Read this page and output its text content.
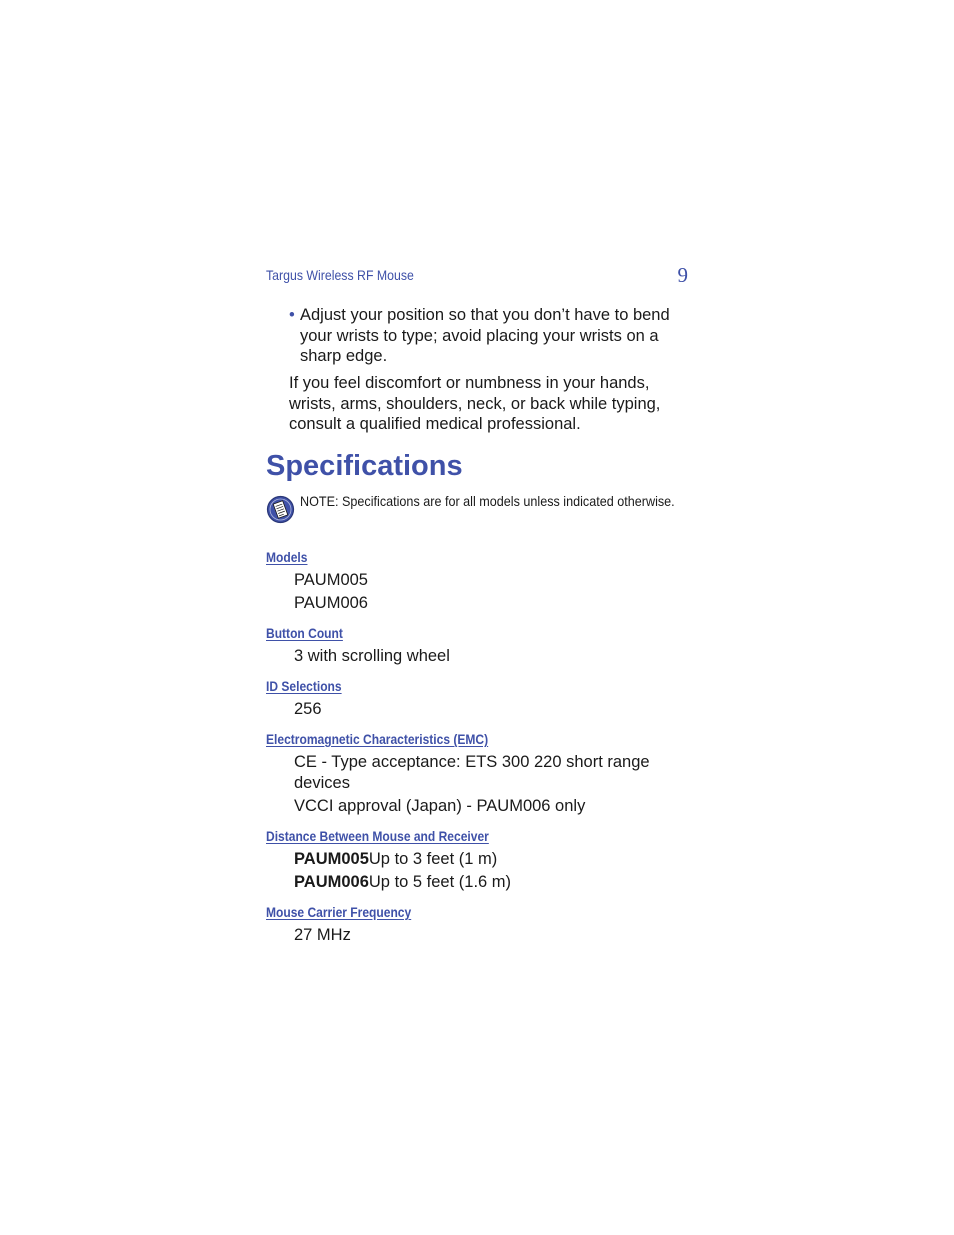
Targus Wireless RF Mouse	9
• Adjust your position so that you don’t have to bend your wrists to type; avoid placing your wrists on a sharp edge.
If you feel discomfort or numbness in your hands, wrists, arms, shoulders, neck, or back while typing, consult a qualified medical professional.
Specifications
NOTE: Specifications are for all models unless indicated otherwise.
Models
PAUM005
PAUM006
Button Count
3 with scrolling wheel
ID Selections
256
Electromagnetic Characteristics (EMC)
CE - Type acceptance: ETS 300 220 short range devices
VCCI approval (Japan) - PAUM006 only
Distance Between Mouse and Receiver
PAUM005Up to 3 feet (1 m)
PAUM006Up to 5 feet (1.6 m)
Mouse Carrier Frequency
27 MHz
